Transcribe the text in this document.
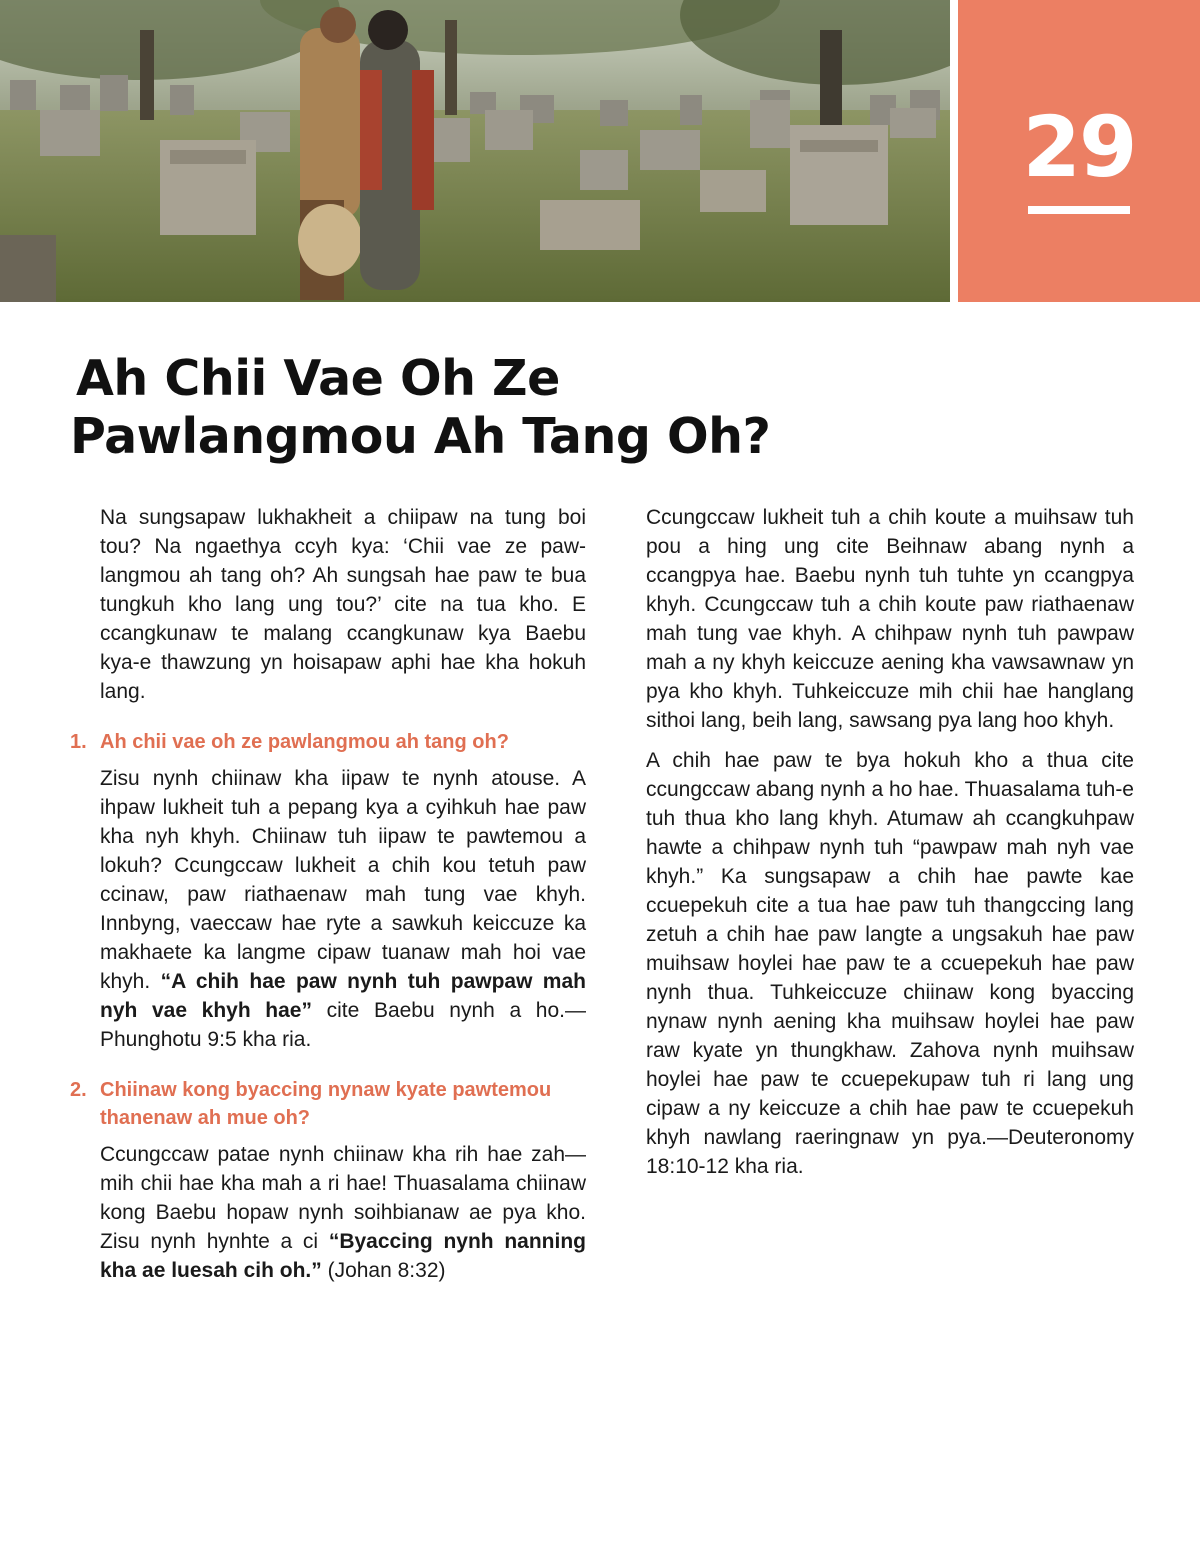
29
Ah Chii Vae Oh Ze
Pawlangmou Ah Tang Oh?

Na sungsapaw lukhakheit a chiipaw na tung boi tou? Na ngaethya ccyh kya: ‘Chii vae ze pawlangmou ah tang oh? Ah sungsah hae paw te bua tungkuh kho lang ung tou?’ cite na tua kho. E ccangkunaw te malang ccangkunaw kya Baebu kya-e thawzung yn hoisapaw aphi hae kha hokuh lang.

1. Ah chii vae oh ze pawlangmou ah tang oh?

Zisu nynh chiinaw kha iipaw te nynh atouse. A ihpaw lukheit tuh a pepang kya a cyihkuh hae paw kha nyh khyh. Chiinaw tuh iipaw te pawtemou a lokuh? Ccungccaw lukheit a chih kou tetuh paw ccinaw, paw riathaenaw mah tung vae khyh. Innbyng, vaeccaw hae ryte a sawkuh keiccuze ka makhaete ka langme cipaw tuanaw mah hoi vae khyh. “A chih hae paw nynh tuh pawpaw mah nyh vae khyh hae” cite Baebu nynh a ho.—Phunghotu 9:5 kha ria.

2. Chiinaw kong byaccing nynaw kyate pawtemou thanenaw ah mue oh?

Ccungccaw patae nynh chiinaw kha rih hae zah—mih chii hae kha mah a ri hae! Thuasalama chiinaw kong Baebu hopaw nynh soihbianaw ae pya kho. Zisu nynh hynhte a ci “Byaccing nynh nanning kha ae luesah cih oh.” (Johan 8:32)

Ccungccaw lukheit tuh a chih koute a muihsaw tuh pou a hing ung cite Beihnaw abang nynh a ccangpya hae. Baebu nynh tuh tuhte yn ccangpya khyh. Ccungccaw tuh a chih koute paw riathaenaw mah tung vae khyh. A chihpaw nynh tuh pawpaw mah a ny khyh keiccuze aening kha vawsawnaw yn pya kho khyh. Tuhkeiccuze mih chii hae hanglang sithoi lang, beih lang, sawsang pya lang hoo khyh.

A chih hae paw te bya hokuh kho a thua cite ccungccaw abang nynh a ho hae. Thuasalama tuh-e tuh thua kho lang khyh. Atumaw ah ccangkuhpaw hawte a chihpaw nynh tuh “pawpaw mah nyh vae khyh.” Ka sungsapaw a chih hae pawte kae ccuepekuh cite a tua hae paw tuh thangccing lang zetuh a chih hae paw langte a ungsakuh hae paw muihsaw hoylei hae paw te a ccuepekuh hae paw nynh thua. Tuhkeiccuze chiinaw kong byaccing nynaw nynh aening kha muihsaw hoylei hae paw raw kyate yn thungkhaw. Zahova nynh muihsaw hoylei hae paw te ccuepekupaw tuh ri lang ung cipaw a ny keiccuze a chih hae paw te ccuepekuh khyh nawlang raeringnaw yn pya.—Deuteronomy 18:10-12 kha ria.
